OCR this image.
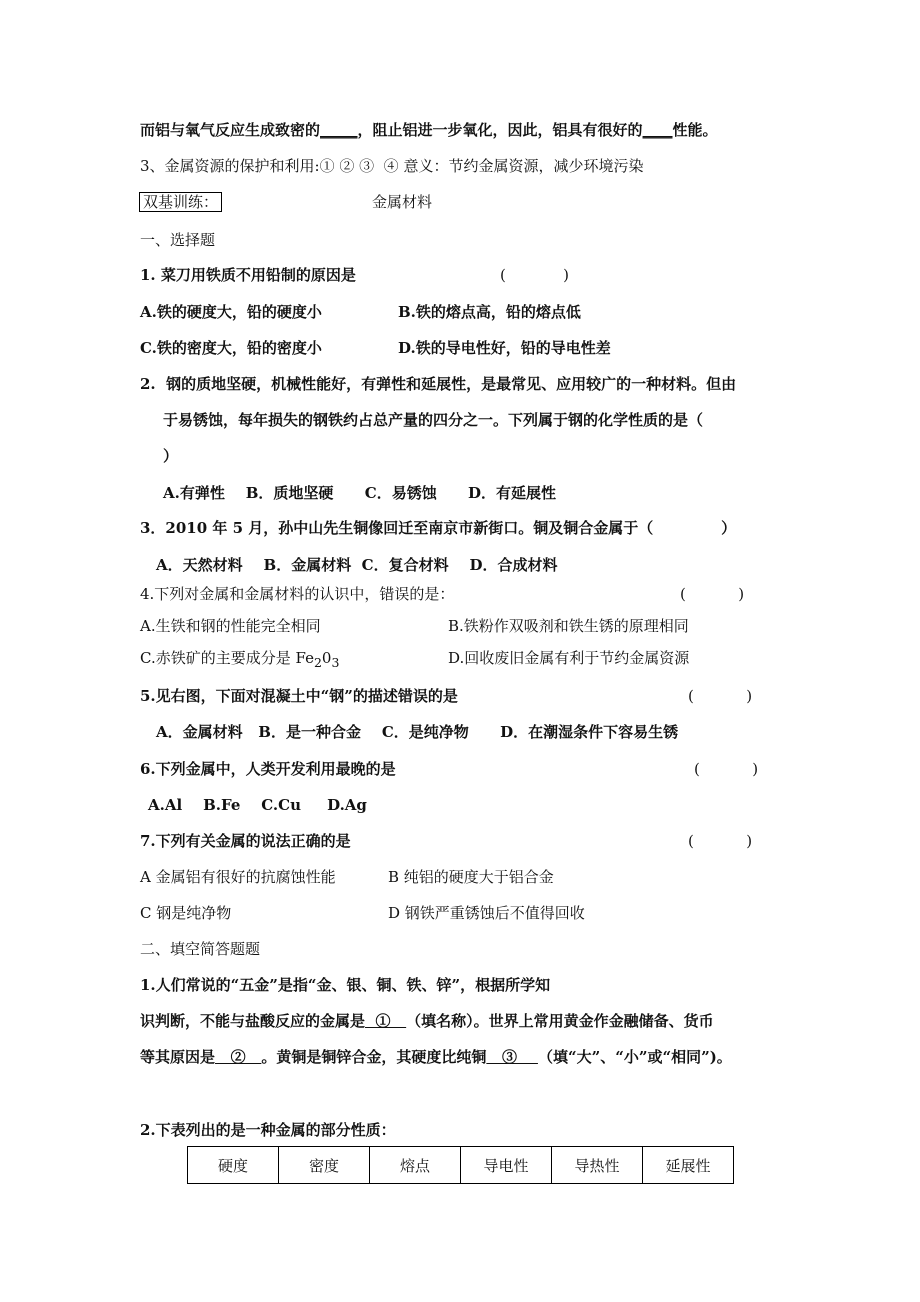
而铝与氧气反应生成致密的_____，阻止铝进一步氧化，因此，铝具有很好的____性能。
3、金属资源的保护和利用:① ② ③  ④ 意义：节约金属资源，减少环境污染
双基训练：	金属材料
一、选择题
1. 菜刀用铁质不用铅制的原因是	(            )
A.铁的硬度大，铅的硬度小	B.铁的熔点高，铅的熔点低
C.铁的密度大，铅的密度小	D.铁的导电性好，铅的导电性差
2.  钢的质地坚硬，机械性能好，有弹性和延展性，是最常见、应用较广的一种材料。但由
于易锈蚀，每年损失的钢铁约占总产量的四分之一。下列属于钢的化学性质的是（
）
A.有弹性    B．质地坚硬      C．易锈蚀      D．有延展性
3．2010 年 5 月，孙中山先生铜像回迁至南京市新街口。铜及铜合金属于（             ）
A．天然材料    B．金属材料  C．复合材料    D．合成材料
4.下列对金属和金属材料的认识中，错误的是：	(           )
A.生铁和钢的性能完全相同	B.铁粉作双吸剂和铁生锈的原理相同
C.赤铁矿的主要成分是 $Fe_20_3$	D.回收废旧金属有利于节约金属资源
5.见右图，下面对混凝土中“钢”的描述错误的是	(           )
A．金属材料   B．是一种合金    C．是纯净物      D．在潮湿条件下容易生锈
6.下列金属中，人类开发利用最晚的是	(           )
A.Al    B.Fe    C.Cu     D.Ag
7.下列有关金属的说法正确的是	(           )
A 金属铝有很好的抗腐蚀性能	B 纯铝的硬度大于铝合金
C 钢是纯净物	D 钢铁严重锈蚀后不值得回收
二、填空简答题题
1.人们常说的“五金”是指“金、银、铜、铁、锌”，根据所学知
识判断，不能与盐酸反应的金属是  ①   （填名称）。世界上常用黄金作金融储备、货币
等其原因是   ②   。黄铜是铜锌合金，其硬度比纯铜   ③    （填“大”、“小”或“相同”)。
2.下表列出的是一种金属的部分性质：
硬度	密度	熔点	导电性	导热性	延展性
